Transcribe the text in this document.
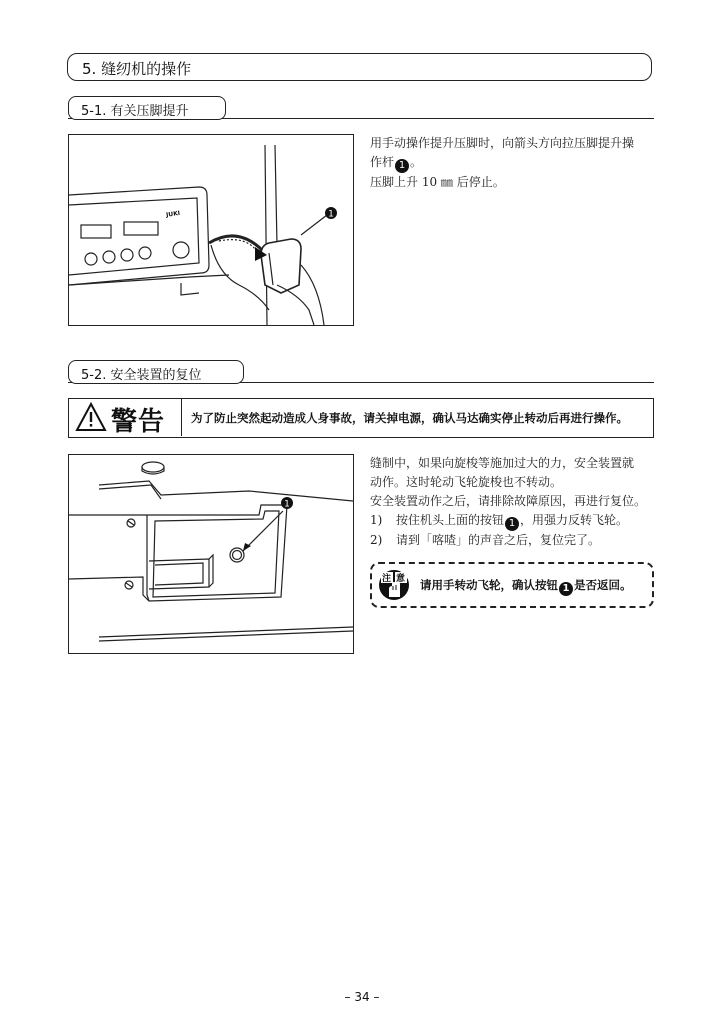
5. 缝纫机的操作
5-1. 有关压脚提升
JUKI	1

用手动操作提升压脚时，向箭头方向拉压脚提升操

作杆 1 。

压脚上升 10 ㎜ 后停止。

5-2. 安全装置的复位
警告 为了防止突然起动造成人身事故，请关掉电源，确认马达确实停止转动后再进行操作。
1

缝制中，如果向旋梭等施加过大的力，安全装置就

动作。这时轮动飞轮旋梭也不转动。

安全装置动作之后，请排除故障原因，再进行复位。

1) 按住机头上面的按钮 1 ，用强力反转飞轮。

2) 请到「喀喳」的声音之后，复位完了。

注 意 请用手转动飞轮，确认按钮 1 是否返回。
– 34 –
